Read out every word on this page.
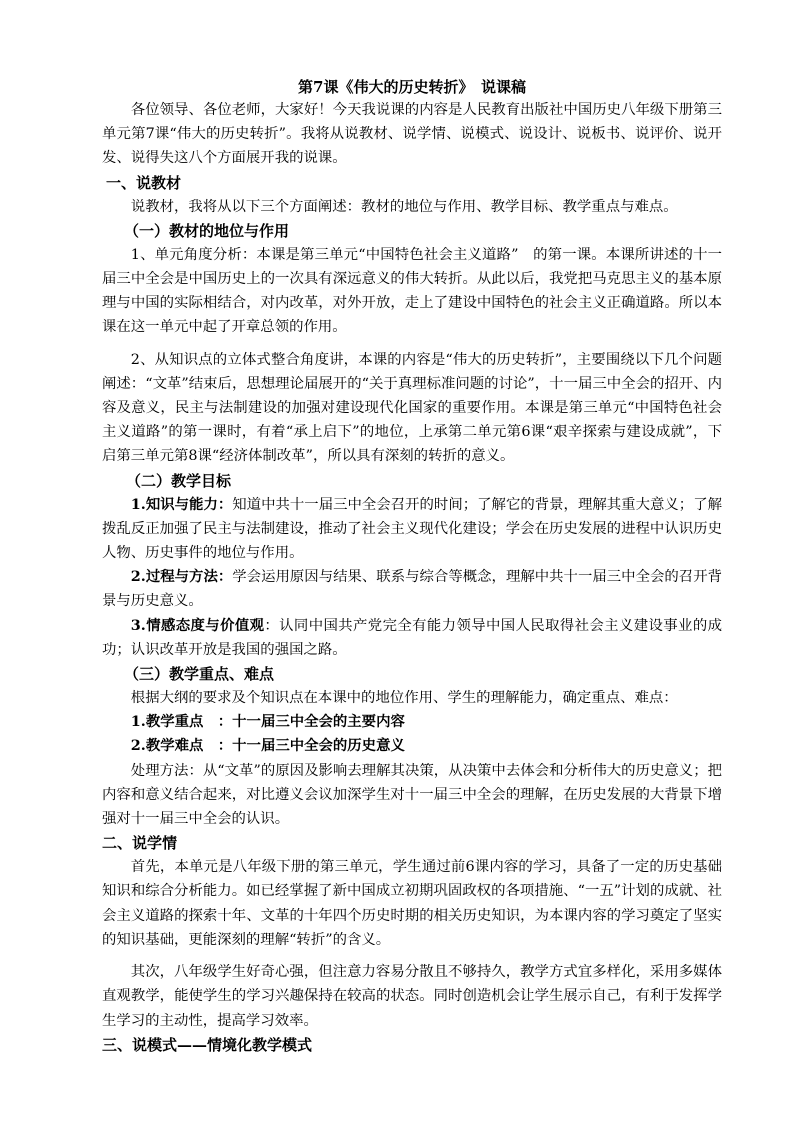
第7课《伟大的历史转折》　说课稿

各位领导、各位老师，大家好！今天我说课的内容是人民教育出版社中国历史八年级下册第三单元第7课“伟大的历史转折”。我将从说教材、说学情、说模式、说设计、说板书、说评价、说开发、说得失这八个方面展开我的说课。

一、说教材

说教材，我将从以下三个方面阐述：教材的地位与作用、教学目标、教学重点与难点。

（一）教材的地位与作用

1、单元角度分析：本课是第三单元“中国特色社会主义道路”　的第一课。本课所讲述的十一届三中全会是中国历史上的一次具有深远意义的伟大转折。从此以后，我党把马克思主义的基本原理与中国的实际相结合，对内改革，对外开放，走上了建设中国特色的社会主义正确道路。所以本课在这一单元中起了开章总领的作用。

2、从知识点的立体式整合角度讲，本课的内容是“伟大的历史转折”，主要围绕以下几个问题阐述：“文革”结束后，思想理论届展开的“关于真理标准问题的讨论”，十一届三中全会的招开、内容及意义，民主与法制建设的加强对建设现代化国家的重要作用。本课是第三单元“中国特色社会主义道路”的第一课时，有着“承上启下”的地位，上承第二单元第6课“艰辛探索与建设成就”，下启第三单元第8课“经济体制改革”，所以具有深刻的转折的意义。

（二）教学目标

1.知识与能力：知道中共十一届三中全会召开的时间；了解它的背景，理解其重大意义；了解拨乱反正加强了民主与法制建设，推动了社会主义现代化建设；学会在历史发展的进程中认识历史人物、历史事件的地位与作用。

2.过程与方法：学会运用原因与结果、联系与综合等概念，理解中共十一届三中全会的召开背景与历史意义。

3.情感态度与价值观：认同中国共产党完全有能力领导中国人民取得社会主义建设事业的成功；认识改革开放是我国的强国之路。

（三）教学重点、难点

根据大纲的要求及个知识点在本课中的地位作用、学生的理解能力，确定重点、难点：

1.教学重点　：十一届三中全会的主要内容

2.教学难点　：十一届三中全会的历史意义

处理方法：从“文革”的原因及影响去理解其决策，从决策中去体会和分析伟大的历史意义；把内容和意义结合起来，对比遵义会议加深学生对十一届三中全会的理解，在历史发展的大背景下增强对十一届三中全会的认识。

二、说学情

首先，本单元是八年级下册的第三单元，学生通过前6课内容的学习，具备了一定的历史基础知识和综合分析能力。如已经掌握了新中国成立初期巩固政权的各项措施、“一五”计划的成就、社会主义道路的探索十年、文革的十年四个历史时期的相关历史知识，为本课内容的学习奠定了坚实的知识基础，更能深刻的理解“转折”的含义。

其次，八年级学生好奇心强，但注意力容易分散且不够持久，教学方式宜多样化，采用多媒体直观教学，能使学生的学习兴趣保持在较高的状态。同时创造机会让学生展示自己，有利于发挥学生学习的主动性，提高学习效率。

三、说模式——情境化教学模式
